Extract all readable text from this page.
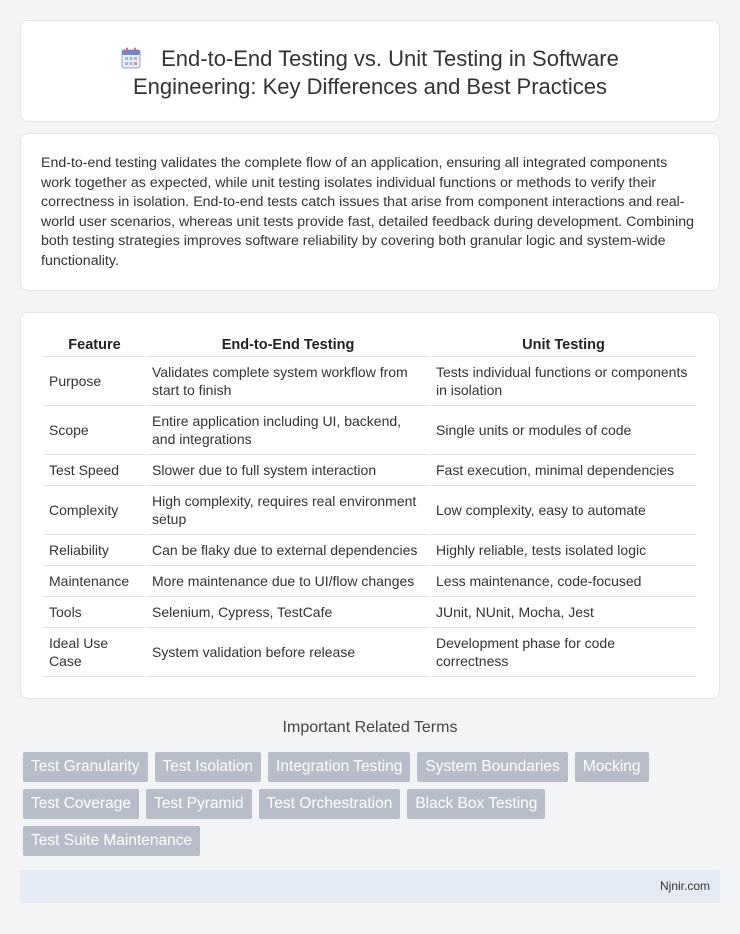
End-to-End Testing vs. Unit Testing in Software
Engineering: Key Differences and Best Practices

End-to-end testing validates the complete flow of an application, ensuring all integrated components work together as expected, while unit testing isolates individual functions or methods to verify their correctness in isolation. End-to-end tests catch issues that arise from component interactions and real-world user scenarios, whereas unit tests provide fast, detailed feedback during development. Combining both testing strategies improves software reliability by covering both granular logic and system-wide functionality.

Feature	End-to-End Testing	Unit Testing
Purpose	Validates complete system workflow from start to finish	Tests individual functions or components in isolation
Scope	Entire application including UI, backend, and integrations	Single units or modules of code
Test Speed	Slower due to full system interaction	Fast execution, minimal dependencies
Complexity	High complexity, requires real environment setup	Low complexity, easy to automate
Reliability	Can be flaky due to external dependencies	Highly reliable, tests isolated logic
Maintenance	More maintenance due to UI/flow changes	Less maintenance, code-focused
Tools	Selenium, Cypress, TestCafe	JUnit, NUnit, Mocha, Jest
Ideal Use Case	System validation before release	Development phase for code correctness
Important Related Terms
Test Granularity	Test Isolation	Integration Testing	System Boundaries	Mocking
Test Coverage	Test Pyramid	Test Orchestration	Black Box Testing
Test Suite Maintenance
Njnir.com
